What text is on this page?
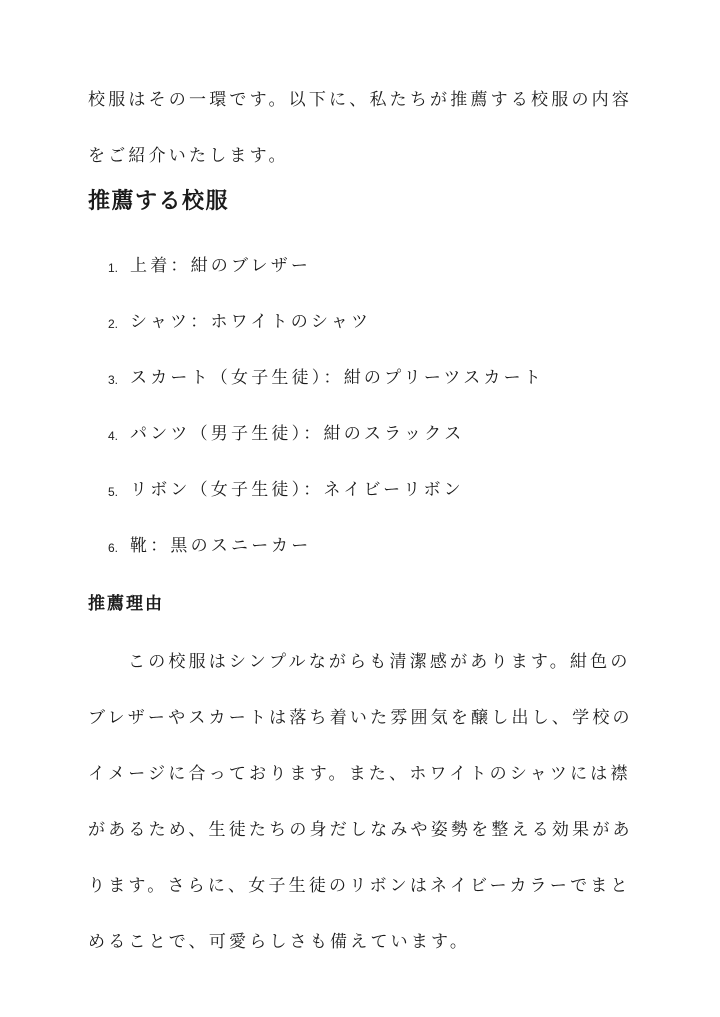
校服はその一環です。以下に、私たちが推薦する校服の内容をご紹介いたします。

推薦する校服
1. 上着：紺のブレザー
2. シャツ：ホワイトのシャツ
3. スカート（女子生徒）：紺のプリーツスカート
4. パンツ（男子生徒）：紺のスラックス
5. リボン（女子生徒）：ネイビーリボン
6. 靴：黒のスニーカー
推薦理由

この校服はシンプルながらも清潔感があります。紺色のブレザーやスカートは落ち着いた雰囲気を醸し出し、学校のイメージに合っております。また、ホワイトのシャツには襟があるため、生徒たちの身だしなみや姿勢を整える効果があります。さらに、女子生徒のリボンはネイビーカラーでまとめることで、可愛らしさも備えています。
